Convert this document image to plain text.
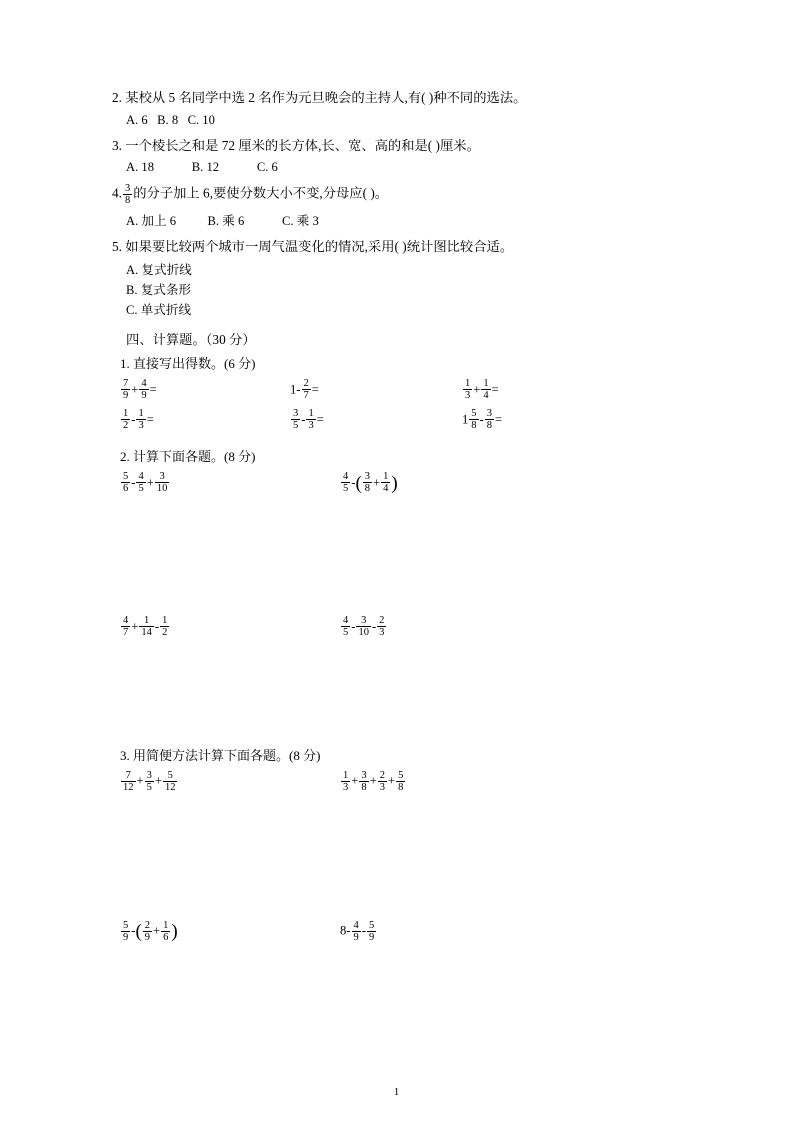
2. 某校从 5 名同学中选 2 名作为元旦晚会的主持人,有( )种不同的选法。

A. 6   B. 8   C. 10

3. 一个棱长之和是 72 厘米的长方体,长、宽、高的和是( )厘米。

A. 18            B. 12            C. 6

4. $\frac{3}{8}$ 的分子加上 6,要使分数大小不变,分母应( )。

A. 加上 6          B. 乘 6            C. 乘 3

5. 如果要比较两个城市一周气温变化的情况,采用( )统计图比较合适。

A. 复式折线
B. 复式条形
C. 单式折线

四、计算题。（30 分）

1. 直接写出得数。(6 分)

$\frac{7}{9} + \frac{4}{9}$ =	$1- \frac{2}{7}$ =	$\frac{1}{3} + \frac{1}{4}$ =
$\frac{1}{2} - \frac{1}{3}$ =	$\frac{3}{5} - \frac{1}{3}$ =	$1 \frac{5}{8} - \frac{3}{8}$ =

2. 计算下面各题。(8 分)

$\frac{5}{6} - \frac{4}{5} + \frac{3}{10}$	$\frac{4}{5}$ -( $\frac{3}{8} + \frac{1}{4}$ )
$\frac{4}{7} + \frac{1}{14} - \frac{1}{2}$	$\frac{4}{5} - \frac{3}{10} - \frac{2}{3}$

3. 用简便方法计算下面各题。(8 分)

$\frac{7}{12} + \frac{3}{5} + \frac{5}{12}$	$\frac{1}{3} + \frac{3}{8} + \frac{2}{3} + \frac{5}{8}$
$\frac{5}{9}$ -( $\frac{2}{9} + \frac{1}{6}$ )	$8- \frac{4}{9} - \frac{5}{9}$
1
